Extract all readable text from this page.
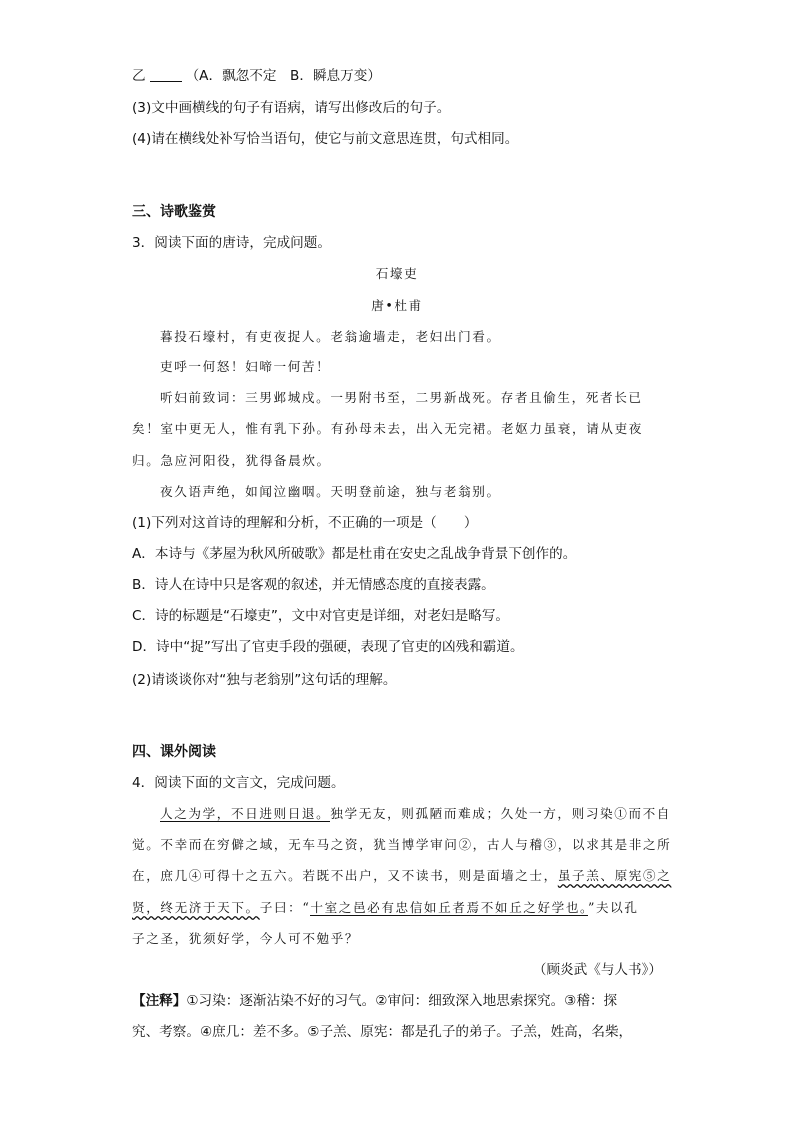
乙	（A．飘忽不定　B．瞬息万变）
(3)文中画横线的句子有语病，请写出修改后的句子。
(4)请在横线处补写恰当语句，使它与前文意思连贯，句式相同。
三、诗歌鉴赏
3．阅读下面的唐诗，完成问题。
石壕吏
唐•杜甫
暮投石壕村，有吏夜捉人。老翁逾墙走，老妇出门看。
吏呼一何怒！妇啼一何苦！
听妇前致词：三男邺城戍。一男附书至，二男新战死。存者且偷生，死者长已
矣！室中更无人，惟有乳下孙。有孙母未去，出入无完裙。老妪力虽衰，请从吏夜
归。急应河阳役，犹得备晨炊。
夜久语声绝，如闻泣幽咽。天明登前途，独与老翁别。
(1)下列对这首诗的理解和分析，不正确的一项是（　　）
A．本诗与《茅屋为秋风所破歌》都是杜甫在安史之乱战争背景下创作的。
B．诗人在诗中只是客观的叙述，并无情感态度的直接表露。
C．诗的标题是“石壕吏”，文中对官吏是详细，对老妇是略写。
D．诗中“捉”写出了官吏手段的强硬，表现了官吏的凶残和霸道。
(2)请谈谈你对“独与老翁别”这句话的理解。
四、课外阅读
4．阅读下面的文言文，完成问题。
人之为学，不日进则日退。独学无友，则孤陋而难成；久处一方，则习染①而不自
觉。不幸而在穷僻之域，无车马之资，犹当博学审问②，古人与稽③，以求其是非之所
在，庶几④可得十之五六。若既不出户，又不读书，则是面墙之士，虽子羔、原宪⑤之
贤，终无济于天下。子曰：“十室之邑必有忠信如丘者焉不如丘之好学也。”夫以孔
子之圣，犹须好学，今人可不勉乎？
（顾炎武《与人书》）
【注释】①习染：逐渐沾染不好的习气。②审问：细致深入地思索探究。③稽：探
究、考察。④庶几：差不多。⑤子羔、原宪：都是孔子的弟子。子羔，姓高，名柴，
